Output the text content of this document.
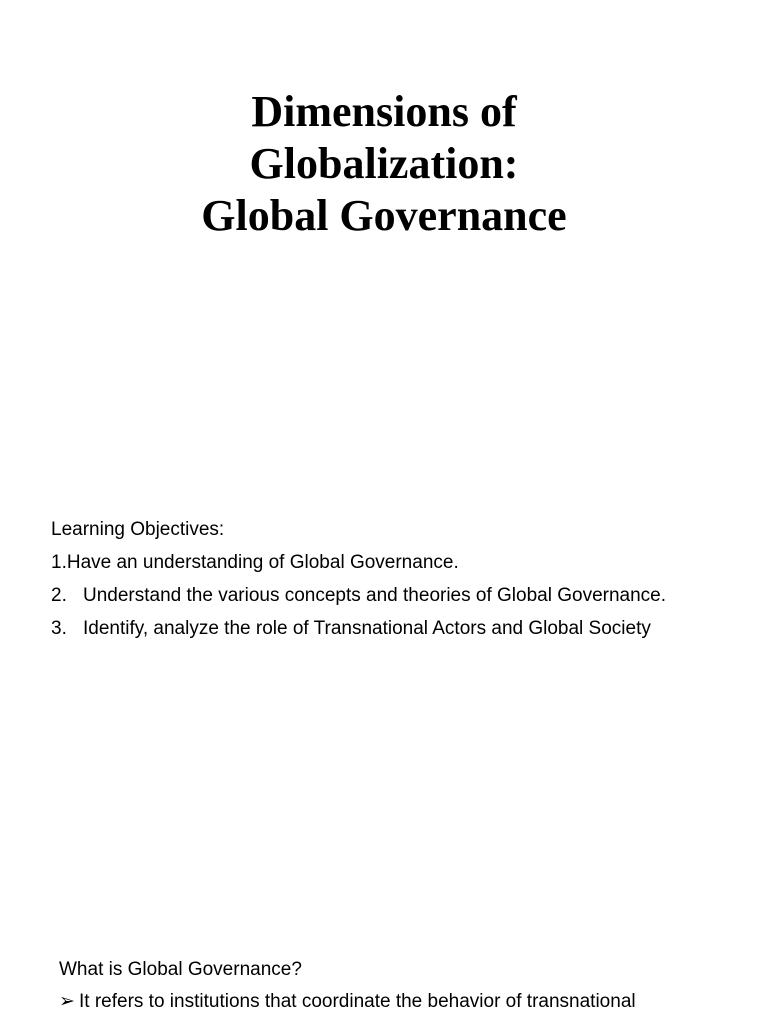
Dimensions of
Globalization:
Global Governance
Learning Objectives:
1.Have an understanding of Global Governance.
2. Understand the various concepts and theories of Global Governance.
3. Identify, analyze the role of Transnational Actors and Global Society
What is Global Governance?
➢ It refers to institutions that coordinate the behavior of transnational
